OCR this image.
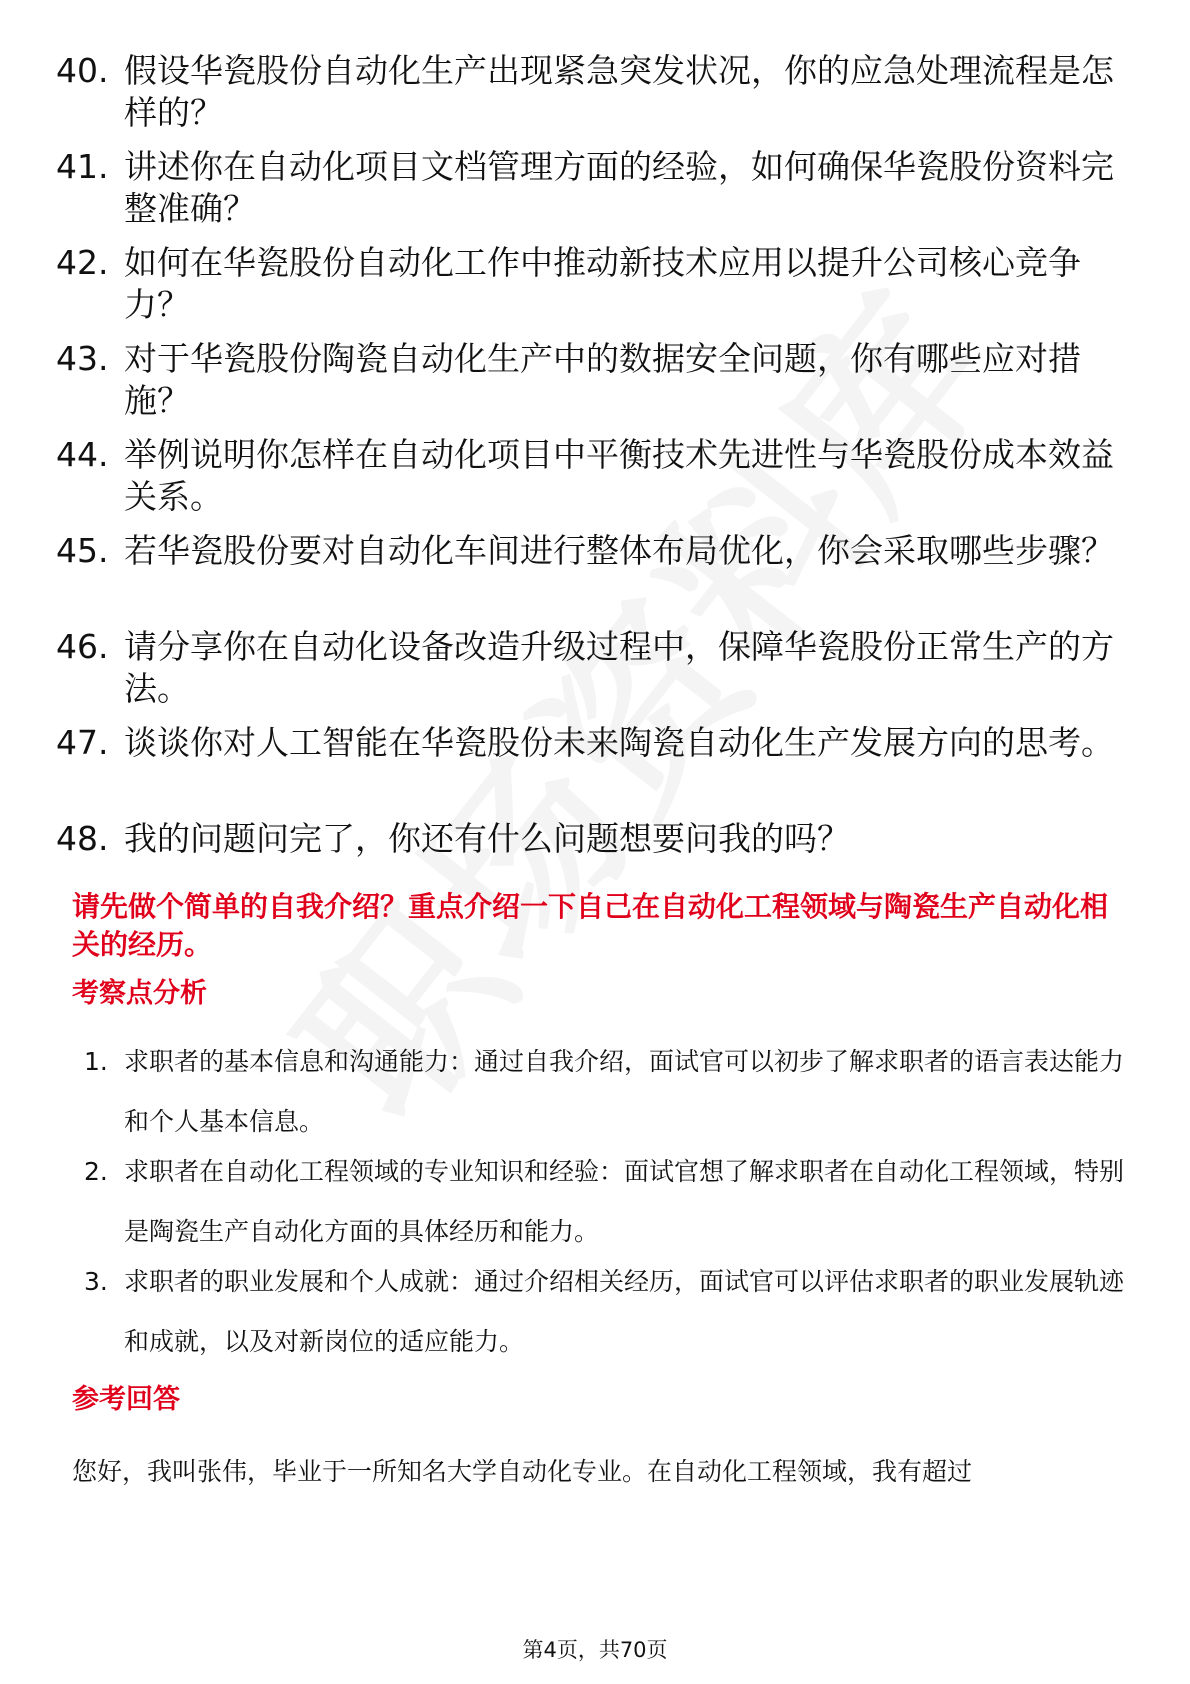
40. 假设华瓷股份自动化生产出现紧急突发状况，你的应急处理流程是怎样的？
41. 讲述你在自动化项目文档管理方面的经验，如何确保华瓷股份资料完整准确？
42. 如何在华瓷股份自动化工作中推动新技术应用以提升公司核心竞争力？
43. 对于华瓷股份陶瓷自动化生产中的数据安全问题，你有哪些应对措施？
44. 举例说明你怎样在自动化项目中平衡技术先进性与华瓷股份成本效益关系。
45. 若华瓷股份要对自动化车间进行整体布局优化，你会采取哪些步骤？
46. 请分享你在自动化设备改造升级过程中，保障华瓷股份正常生产的方法。
47. 谈谈你对人工智能在华瓷股份未来陶瓷自动化生产发展方向的思考。
48. 我的问题问完了，你还有什么问题想要问我的吗？

请先做个简单的自我介绍？重点介绍一下自己在自动化工程领域与陶瓷生产自动化相关的经历。

考察点分析

1. 求职者的基本信息和沟通能力：通过自我介绍，面试官可以初步了解求职者的语言表达能力和个人基本信息。
2. 求职者在自动化工程领域的专业知识和经验：面试官想了解求职者在自动化工程领域，特别是陶瓷生产自动化方面的具体经历和能力。
3. 求职者的职业发展和个人成就：通过介绍相关经历，面试官可以评估求职者的职业发展轨迹和成就，以及对新岗位的适应能力。

参考回答

您好，我叫张伟，毕业于一所知名大学自动化专业。在自动化工程领域，我有超过

第4页，共70页
